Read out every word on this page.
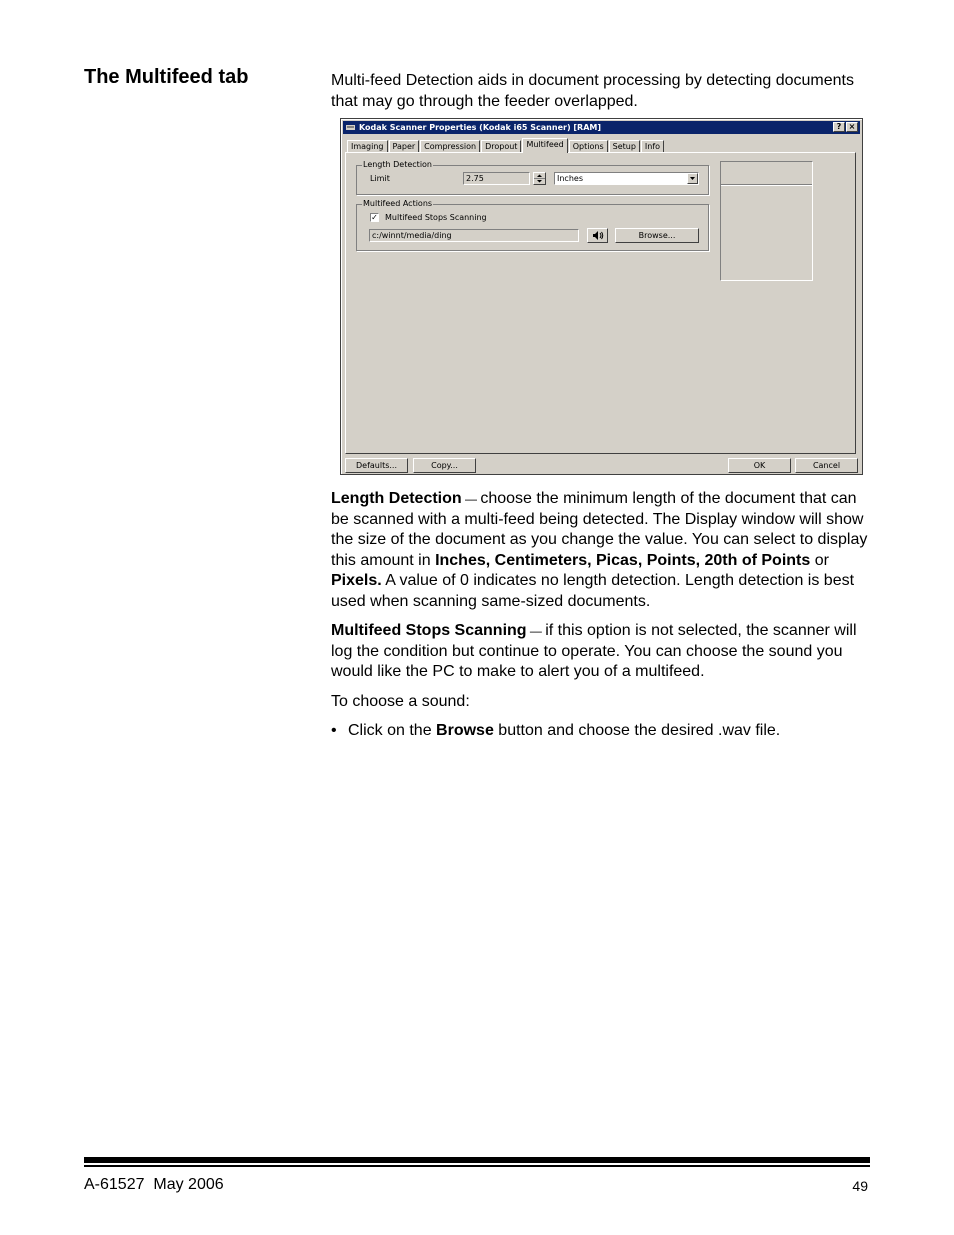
The Multifeed tab	Multi-feed Detection aids in document processing by detecting documents that may go through the feeder overlapped.

Kodak Scanner Properties (Kodak i65 Scanner) [RAM]	? ×
Imaging	Paper	Compression	Dropout	Multifeed	Options	Setup	Info
Length Detection
Limit	2.75	Inches
Multifeed Actions
✓ Multifeed Stops Scanning
c:/winnt/media/ding	Browse...
Defaults...	Copy...	OK	Cancel

Length Detection — choose the minimum length of the document that can be scanned with a multi-feed being detected. The Display window will show the size of the document as you change the value. You can select to display this amount in Inches, Centimeters, Picas, Points, 20th of Points or Pixels. A value of 0 indicates no length detection. Length detection is best used when scanning same-sized documents.

Multifeed Stops Scanning — if this option is not selected, the scanner will log the condition but continue to operate. You can choose the sound you would like the PC to make to alert you of a multifeed.

To choose a sound:

• Click on the Browse button and choose the desired .wav file.
A-61527  May 2006	49
